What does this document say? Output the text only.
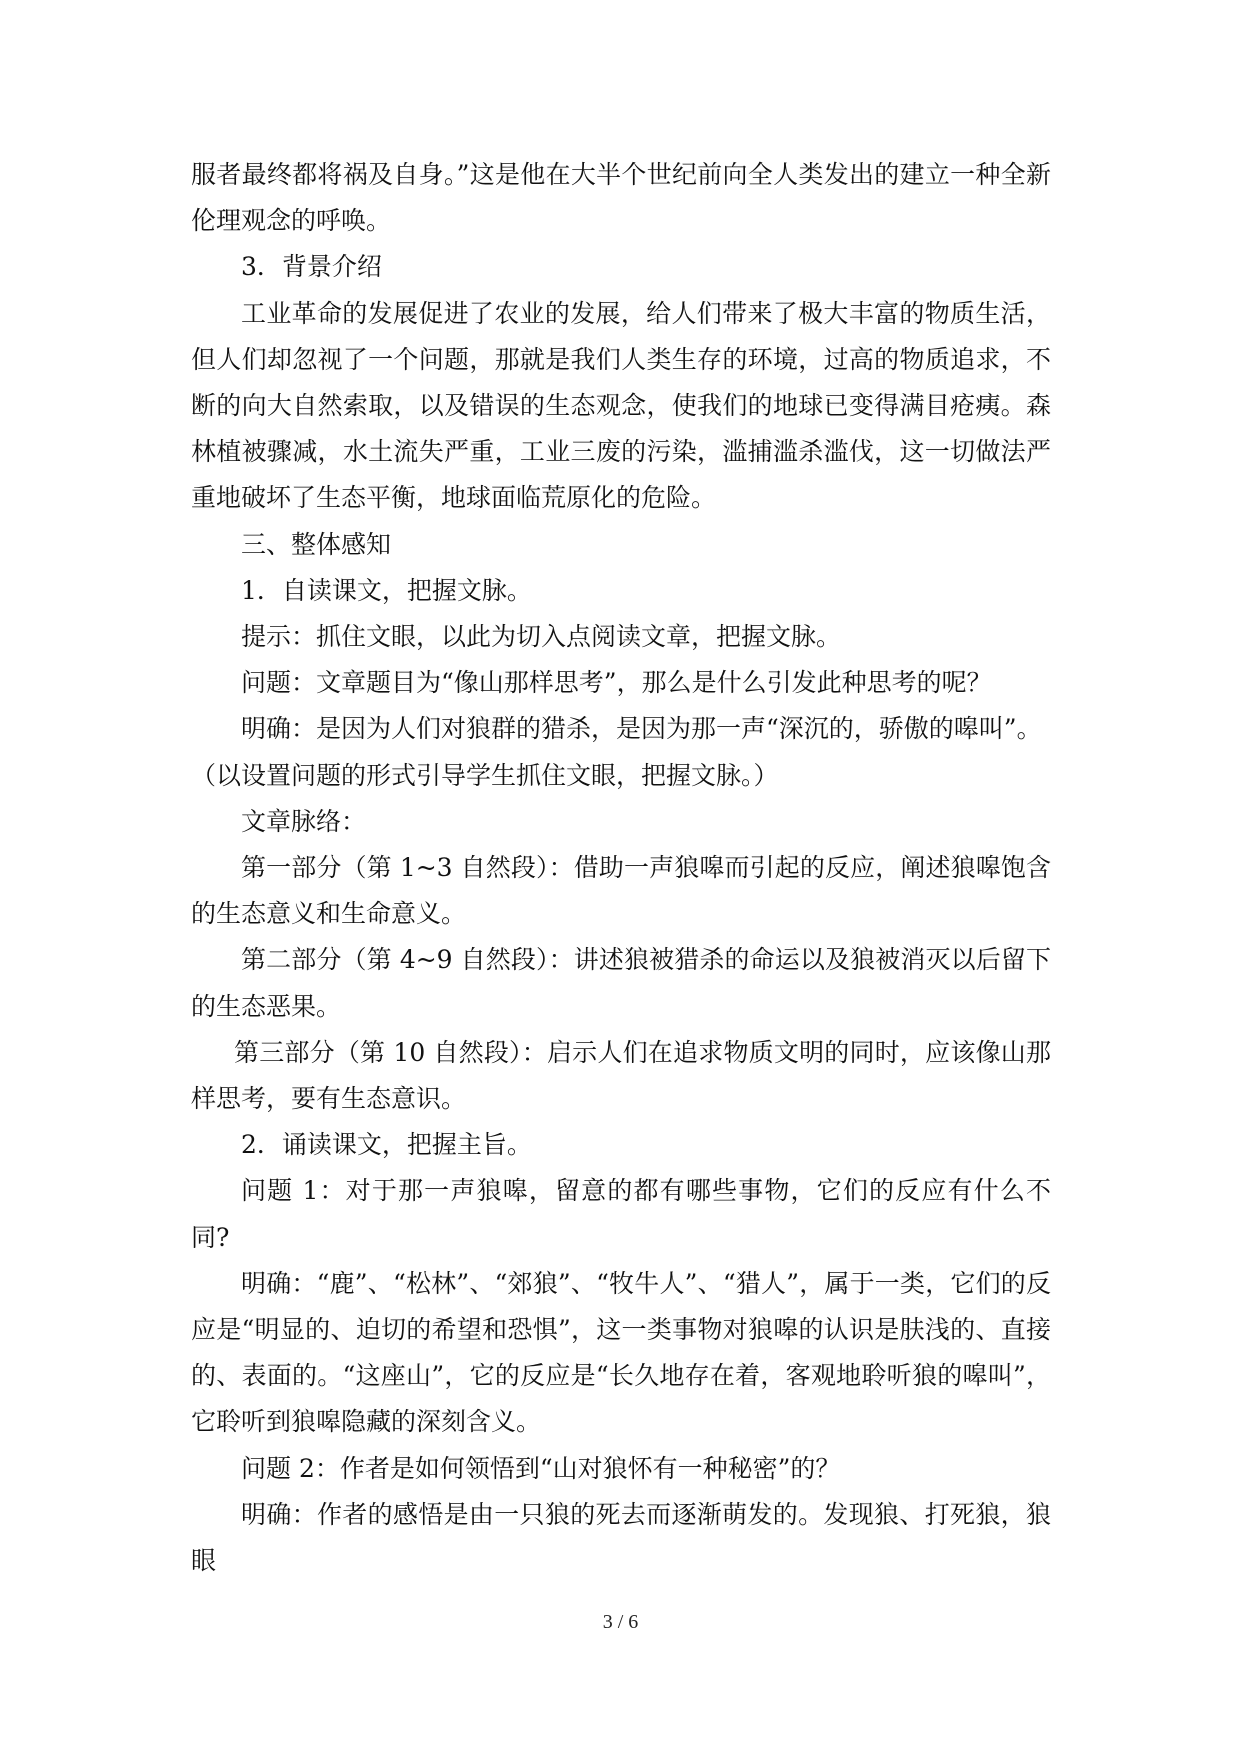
服者最终都将祸及自身。”这是他在大半个世纪前向全人类发出的建立一种全新伦理观念的呼唤。

3．背景介绍

工业革命的发展促进了农业的发展，给人们带来了极大丰富的物质生活，但人们却忽视了一个问题，那就是我们人类生存的环境，过高的物质追求，不断的向大自然索取，以及错误的生态观念，使我们的地球已变得满目疮痍。森林植被骤减，水土流失严重，工业三废的污染，滥捕滥杀滥伐，这一切做法严重地破坏了生态平衡，地球面临荒原化的危险。

三、整体感知

1．自读课文，把握文脉。

提示：抓住文眼，以此为切入点阅读文章，把握文脉。

问题：文章题目为“像山那样思考”，那么是什么引发此种思考的呢？

明确：是因为人们对狼群的猎杀，是因为那一声“深沉的，骄傲的嗥叫”。

（以设置问题的形式引导学生抓住文眼，把握文脉。）

文章脉络：

第一部分（第 1~3 自然段）：借助一声狼嗥而引起的反应，阐述狼嗥饱含的生态意义和生命意义。

第二部分（第 4~9 自然段）：讲述狼被猎杀的命运以及狼被消灭以后留下的生态恶果。

第三部分（第 10 自然段）：启示人们在追求物质文明的同时，应该像山那样思考，要有生态意识。

2．诵读课文，把握主旨。

问题 1：对于那一声狼嗥，留意的都有哪些事物，它们的反应有什么不同?

明确：“鹿”、“松林”、“郊狼”、“牧牛人”、“猎人”，属于一类，它们的反应是“明显的、迫切的希望和恐惧”，这一类事物对狼嗥的认识是肤浅的、直接的、表面的。“这座山”，它的反应是“长久地存在着，客观地聆听狼的嗥叫”，它聆听到狼嗥隐藏的深刻含义。

问题 2：作者是如何领悟到“山对狼怀有一种秘密”的？

明确：作者的感悟是由一只狼的死去而逐渐萌发的。发现狼、打死狼，狼眼

3 / 6
